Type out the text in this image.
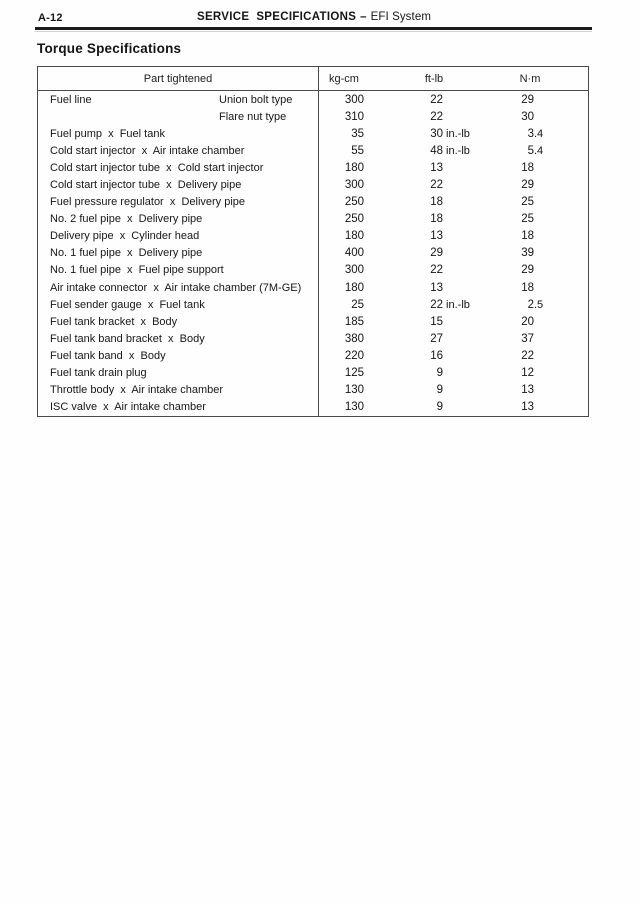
A-12	SERVICE  SPECIFICATIONS – EFI System
Torque Specifications
Part tightened	kg-cm	ft-lb	N·m
Fuel line	Union bolt type	300	22	29
Flare nut type	310	22	30
Fuel pump  x  Fuel tank	35	30 in.-lb	3 .4
Cold start injector  x  Air intake chamber	55	48 in.-lb	5 .4
Cold start injector tube  x  Cold start injector	180	13	18
Cold start injector tube  x  Delivery pipe	300	22	29
Fuel pressure regulator  x  Delivery pipe	250	18	25
No. 2 fuel pipe  x  Delivery pipe	250	18	25
Delivery pipe  x  Cylinder head	180	13	18
No. 1 fuel pipe  x  Delivery pipe	400	29	39
No. 1 fuel pipe  x  Fuel pipe support	300	22	29
Air intake connector  x  Air intake chamber (7M-GE)	180	13	18
Fuel sender gauge  x  Fuel tank	25	22 in.-lb	2 .5
Fuel tank bracket  x  Body	185	15	20
Fuel tank band bracket  x  Body	380	27	37
Fuel tank band  x  Body	220	16	22
Fuel tank drain plug	125	9	12
Throttle body  x  Air intake chamber	130	9	13
ISC valve  x  Air intake chamber	130	9	13
